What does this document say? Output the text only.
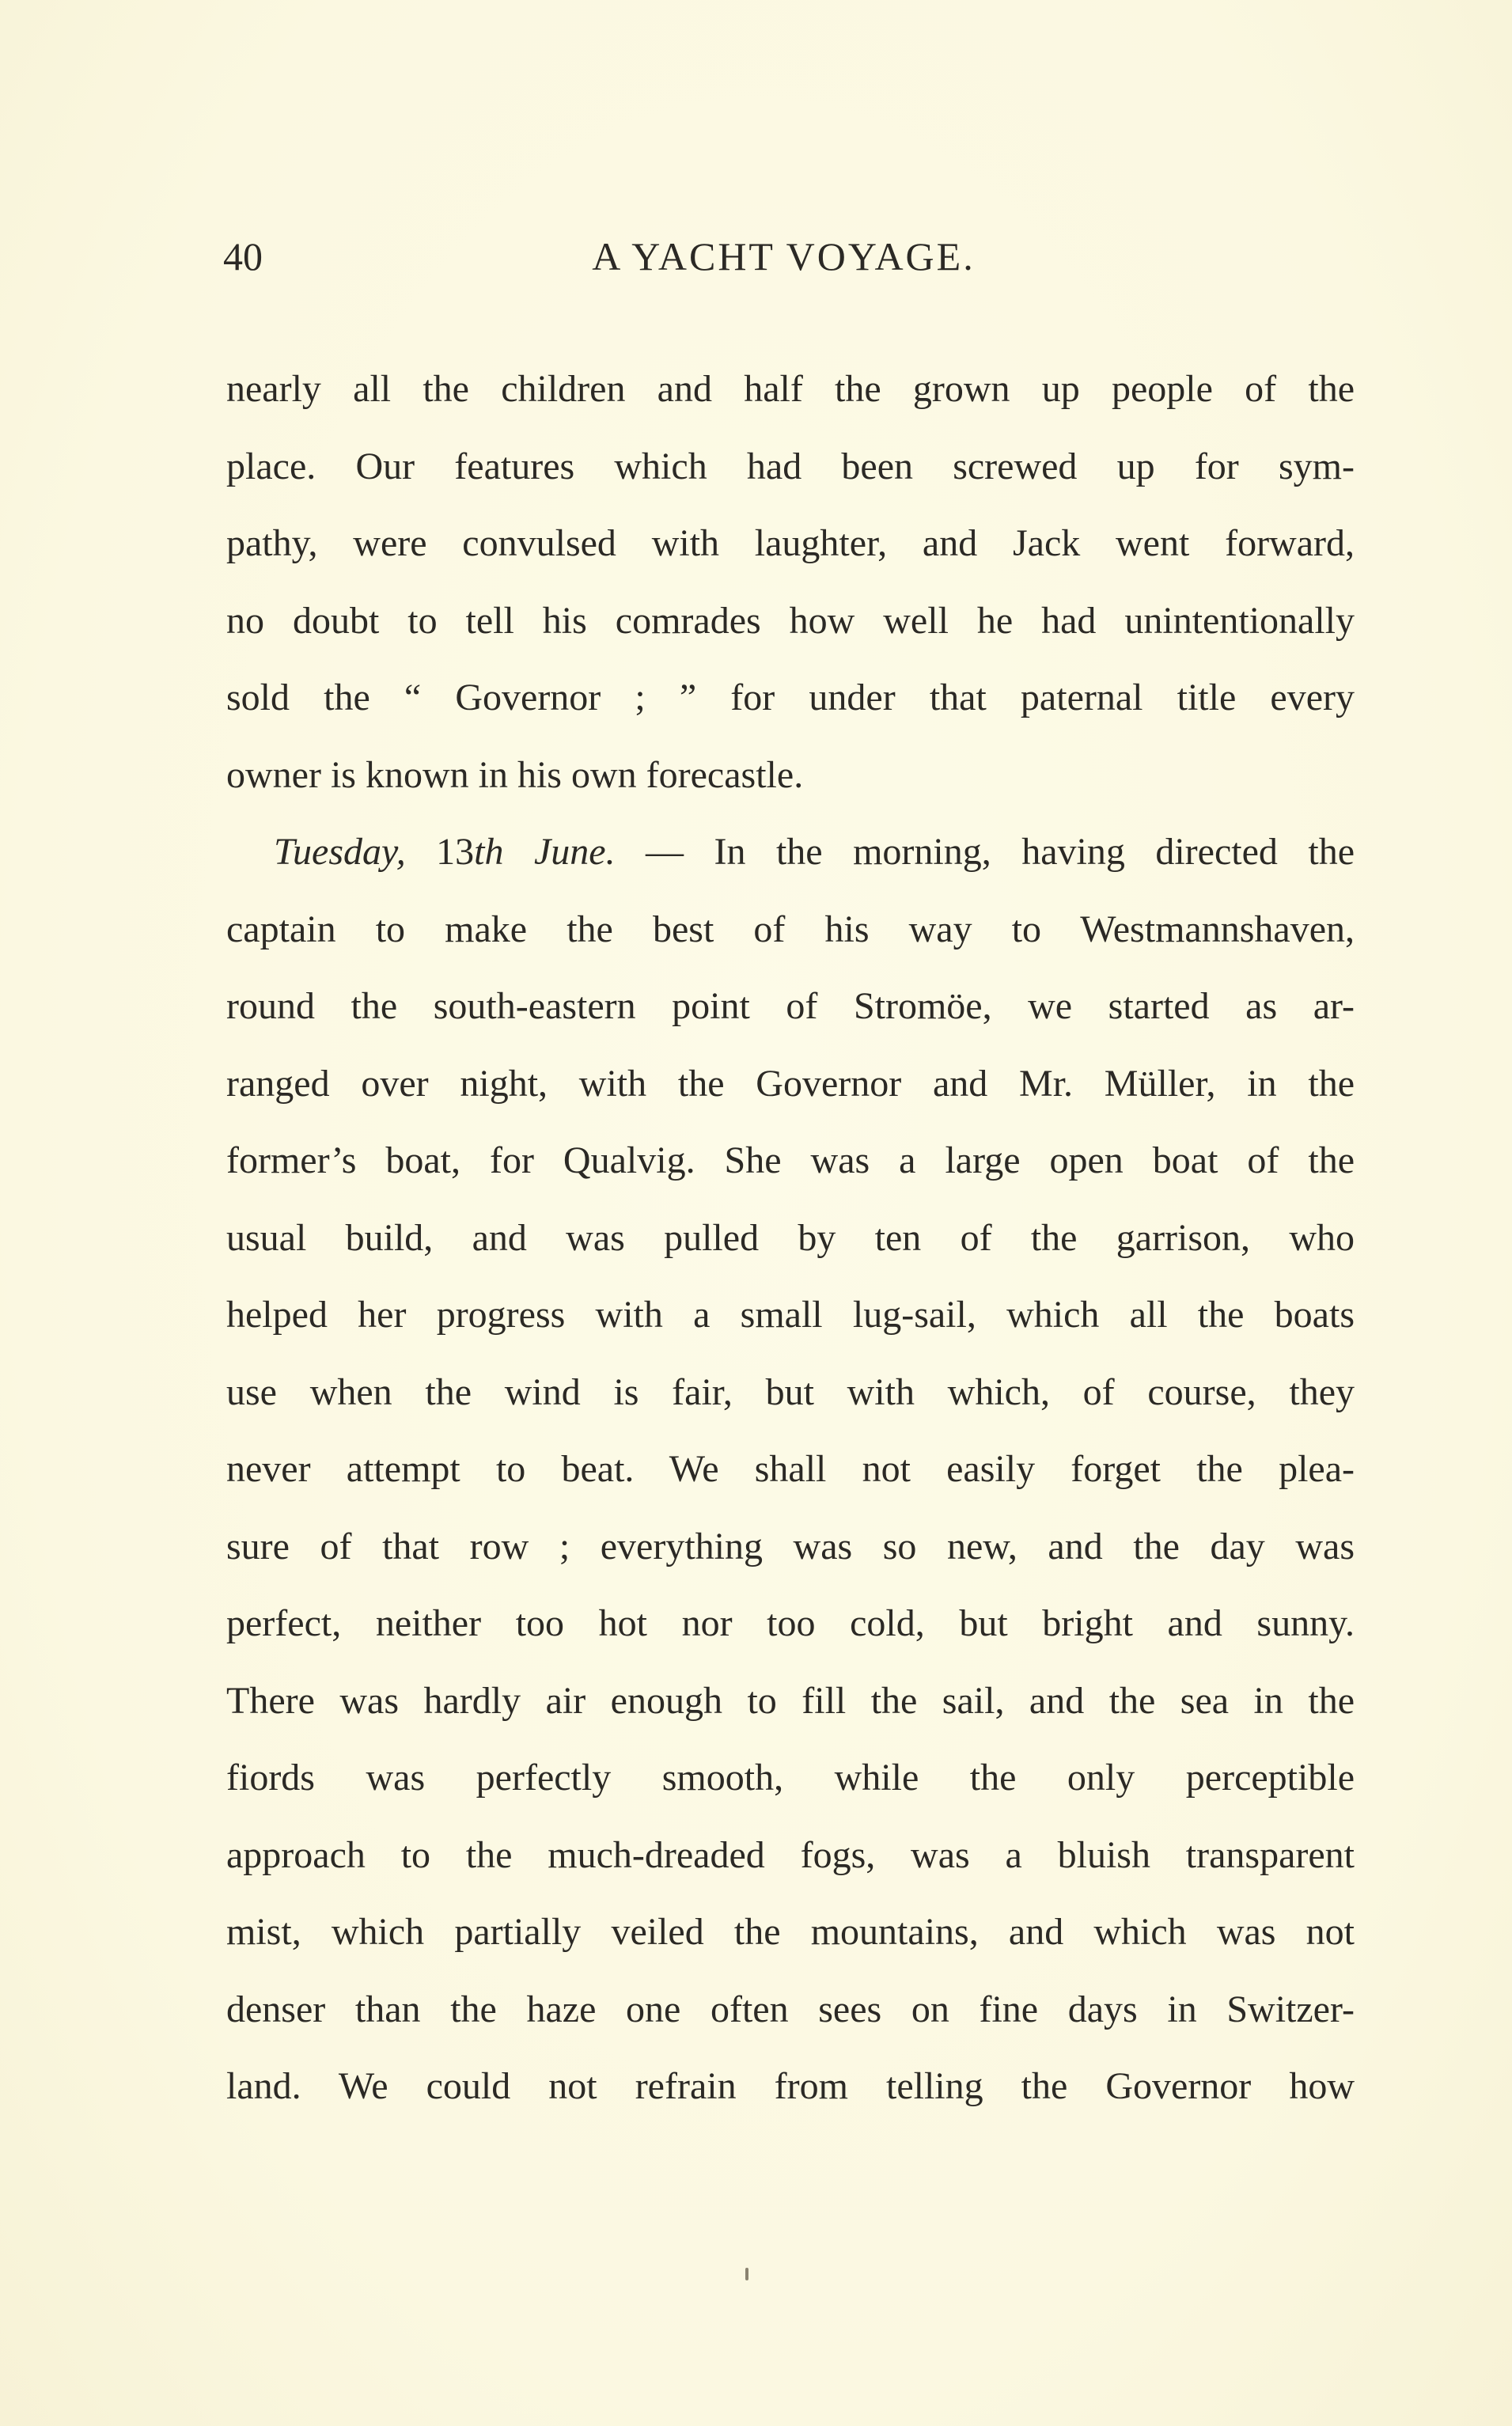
40	A YACHT VOYAGE.
nearly all the children and half the grown up people of the
place. Our features which had been screwed up for sym-
pathy, were convulsed with laughter, and Jack went forward,
no doubt to tell his comrades how well he had unintentionally
sold the “ Governor ; ” for under that paternal title every
owner is known in his own forecastle.
Tuesday, 13th June. — In the morning, having directed the
captain to make the best of his way to Westmannshaven,
round the south-eastern point of Stromöe, we started as ar-
ranged over night, with the Governor and Mr. Müller, in the
former’s boat, for Qualvig. She was a large open boat of the
usual build, and was pulled by ten of the garrison, who
helped her progress with a small lug-sail, which all the boats
use when the wind is fair, but with which, of course, they
never attempt to beat. We shall not easily forget the plea-
sure of that row ; everything was so new, and the day was
perfect, neither too hot nor too cold, but bright and sunny.
There was hardly air enough to fill the sail, and the sea in the
fiords was perfectly smooth, while the only perceptible
approach to the much-dreaded fogs, was a bluish transparent
mist, which partially veiled the mountains, and which was not
denser than the haze one often sees on fine days in Switzer-
land. We could not refrain from telling the Governor how
